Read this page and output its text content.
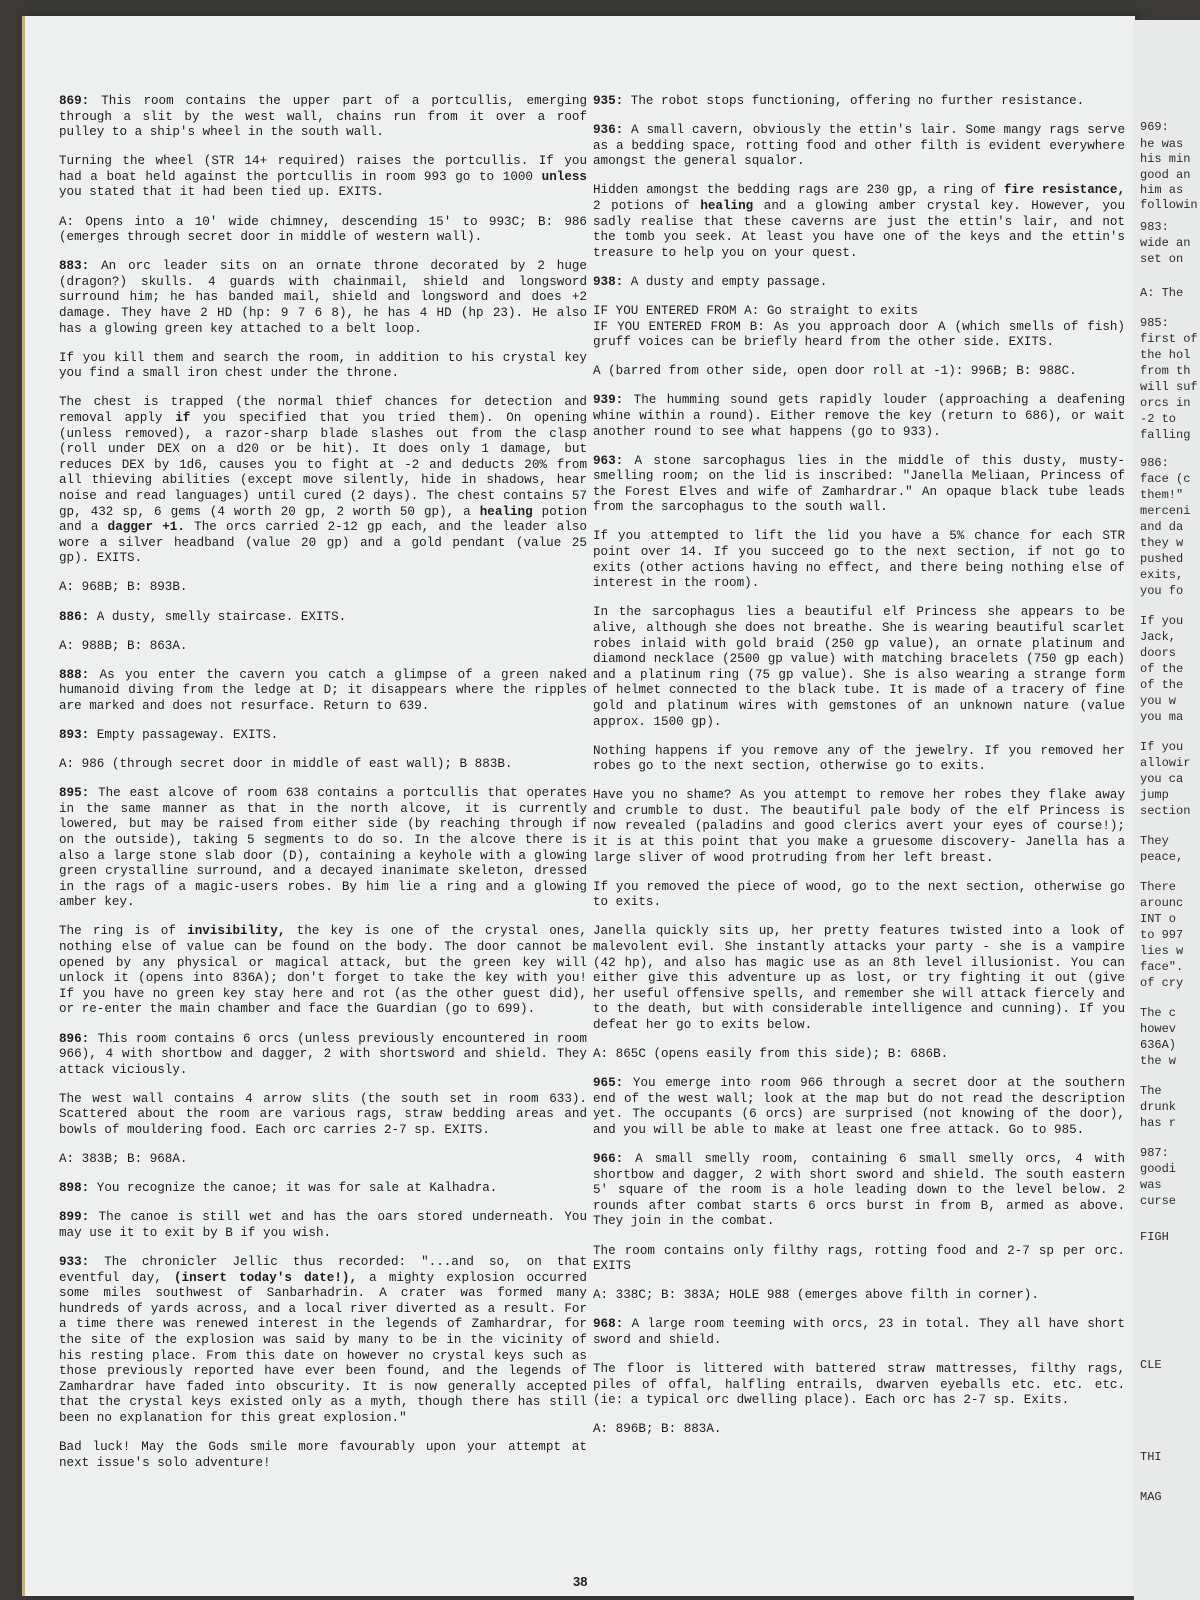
869: This room contains the upper part of a portcullis, emerging through a slit by the west wall, chains run from it over a roof pulley to a ship's wheel in the south wall.

Turning the wheel (STR 14+ required) raises the portcullis. If you had a boat held against the portcullis in room 993 go to 1000 unless you stated that it had been tied up. EXITS.

A: Opens into a 10' wide chimney, descending 15' to 993C; B: 986 (emerges through secret door in middle of western wall).

883: An orc leader sits on an ornate throne decorated by 2 huge (dragon?) skulls. 4 guards with chainmail, shield and longsword surround him; he has banded mail, shield and longsword and does +2 damage. They have 2 HD (hp: 9 7 6 8), he has 4 HD (hp 23). He also has a glowing green key attached to a belt loop.

If you kill them and search the room, in addition to his crystal key you find a small iron chest under the throne.

The chest is trapped (the normal thief chances for detection and removal apply if you specified that you tried them). On opening (unless removed), a razor-sharp blade slashes out from the clasp (roll under DEX on a d20 or be hit). It does only 1 damage, but reduces DEX by 1d6, causes you to fight at -2 and deducts 20% from all thieving abilities (except move silently, hide in shadows, hear noise and read languages) until cured (2 days). The chest contains 57 gp, 432 sp, 6 gems (4 worth 20 gp, 2 worth 50 gp), a healing potion and a dagger +1. The orcs carried 2-12 gp each, and the leader also wore a silver headband (value 20 gp) and a gold pendant (value 25 gp). EXITS.

A: 968B; B: 893B.

886: A dusty, smelly staircase. EXITS.

A: 988B; B: 863A.

888: As you enter the cavern you catch a glimpse of a green naked humanoid diving from the ledge at D; it disappears where the ripples are marked and does not resurface. Return to 639.

893: Empty passageway. EXITS.

A: 986 (through secret door in middle of east wall); B 883B.

895: The east alcove of room 638 contains a portcullis that operates in the same manner as that in the north alcove, it is currently lowered, but may be raised from either side (by reaching through if on the outside), taking 5 segments to do so. In the alcove there is also a large stone slab door (D), containing a keyhole with a glowing green crystalline surround, and a decayed inanimate skeleton, dressed in the rags of a magic-users robes. By him lie a ring and a glowing amber key.

The ring is of invisibility, the key is one of the crystal ones, nothing else of value can be found on the body. The door cannot be opened by any physical or magical attack, but the green key will unlock it (opens into 836A); don't forget to take the key with you! If you have no green key stay here and rot (as the other guest did), or re-enter the main chamber and face the Guardian (go to 699).

896: This room contains 6 orcs (unless previously encountered in room 966), 4 with shortbow and dagger, 2 with shortsword and shield. They attack viciously.

The west wall contains 4 arrow slits (the south set in room 633). Scattered about the room are various rags, straw bedding areas and bowls of mouldering food. Each orc carries 2-7 sp. EXITS.

A: 383B; B: 968A.

898: You recognize the canoe; it was for sale at Kalhadra.

899: The canoe is still wet and has the oars stored underneath. You may use it to exit by B if you wish.

933: The chronicler Jellic thus recorded: "...and so, on that eventful day, (insert today's date!), a mighty explosion occurred some miles southwest of Sanbarhadrin. A crater was formed many hundreds of yards across, and a local river diverted as a result. For a time there was renewed interest in the legends of Zamhardrar, for the site of the explosion was said by many to be in the vicinity of his resting place. From this date on however no crystal keys such as those previously reported have ever been found, and the legends of Zamhardrar have faded into obscurity. It is now generally accepted that the crystal keys existed only as a myth, though there has still been no explanation for this great explosion."

Bad luck! May the Gods smile more favourably upon your attempt at next issue's solo adventure!

935: The robot stops functioning, offering no further resistance.

936: A small cavern, obviously the ettin's lair. Some mangy rags serve as a bedding space, rotting food and other filth is evident everywhere amongst the general squalor.

Hidden amongst the bedding rags are 230 gp, a ring of fire resistance, 2 potions of healing and a glowing amber crystal key. However, you sadly realise that these caverns are just the ettin's lair, and not the tomb you seek. At least you have one of the keys and the ettin's treasure to help you on your quest.

938: A dusty and empty passage.

IF YOU ENTERED FROM A: Go straight to exits
IF YOU ENTERED FROM B: As you approach door A (which smells of fish) gruff voices can be briefly heard from the other side. EXITS.

A (barred from other side, open door roll at -1): 996B; B: 988C.

939: The humming sound gets rapidly louder (approaching a deafening whine within a round). Either remove the key (return to 686), or wait another round to see what happens (go to 933).

963: A stone sarcophagus lies in the middle of this dusty, musty-smelling room; on the lid is inscribed: "Janella Meliaan, Princess of the Forest Elves and wife of Zamhardrar." An opaque black tube leads from the sarcophagus to the south wall.

If you attempted to lift the lid you have a 5% chance for each STR point over 14. If you succeed go to the next section, if not go to exits (other actions having no effect, and there being nothing else of interest in the room).

In the sarcophagus lies a beautiful elf Princess she appears to be alive, although she does not breathe. She is wearing beautiful scarlet robes inlaid with gold braid (250 gp value), an ornate platinum and diamond necklace (2500 gp value) with matching bracelets (750 gp each) and a platinum ring (75 gp value). She is also wearing a strange form of helmet connected to the black tube. It is made of a tracery of fine gold and platinum wires with gemstones of an unknown nature (value approx. 1500 gp).

Nothing happens if you remove any of the jewelry. If you removed her robes go to the next section, otherwise go to exits.

Have you no shame? As you attempt to remove her robes they flake away and crumble to dust. The beautiful pale body of the elf Princess is now revealed (paladins and good clerics avert your eyes of course!); it is at this point that you make a gruesome discovery- Janella has a large sliver of wood protruding from her left breast.

If you removed the piece of wood, go to the next section, otherwise go to exits.

Janella quickly sits up, her pretty features twisted into a look of malevolent evil. She instantly attacks your party - she is a vampire (42 hp), and also has magic use as an 8th level illusionist. You can either give this adventure up as lost, or try fighting it out (give her useful offensive spells, and remember she will attack fiercely and to the death, but with considerable intelligence and cunning). If you defeat her go to exits below.

A: 865C (opens easily from this side); B: 686B.

965: You emerge into room 966 through a secret door at the southern end of the west wall; look at the map but do not read the description yet. The occupants (6 orcs) are surprised (not knowing of the door), and you will be able to make at least one free attack. Go to 985.

966: A small smelly room, containing 6 small smelly orcs, 4 with shortbow and dagger, 2 with short sword and shield. The south eastern 5' square of the room is a hole leading down to the level below. 2 rounds after combat starts 6 orcs burst in from B, armed as above. They join in the combat.

The room contains only filthy rags, rotting food and 2-7 sp per orc. EXITS

A: 338C; B: 383A; HOLE 988 (emerges above filth in corner).

968: A large room teeming with orcs, 23 in total. They all have short sword and shield.

The floor is littered with battered straw mattresses, filthy rags, piles of offal, halfling entrails, dwarven eyeballs etc. etc. etc. (ie: a typical orc dwelling place). Each orc has 2-7 sp. Exits.

A: 896B; B: 883A.

38
969:
he was
his min
good an
him as
followin
983:
wide an
set on
A: The
985:
first of
the hol
from th
will suf
orcs in
-2 to
falling
986:
face (c
them!"
merceni
and da
they w
pushed
exits,
you fo
If you
Jack,
doors
of the
of the
you w
you ma
If you
allowir
you ca
jump
section
They
peace,
There
arounc
INT o
to 997
lies w
face".
of cry
The c
howev
636A)
the w
The
drunk
has r
987:
goodi
was
curse
FIGH
CLE
THI
MAG
